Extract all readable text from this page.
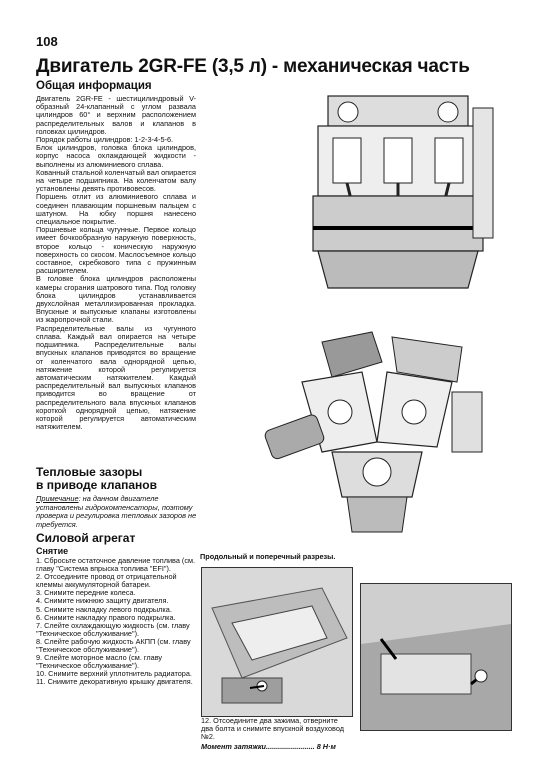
108
Двигатель 2GR-FE (3,5 л) - механическая часть
Общая информация

Двигатель 2GR-FE - шестицилиндровый V-образный 24-клапанный с углом развала цилиндров 60° и верхним расположением распределительных валов и клапанов в головках цилиндров.

Порядок работы цилиндров: 1-2-3-4-5-6.

Блок цилиндров, головка блока цилиндров, корпус насоса охлаждающей жидкости - выполнены из алюминиевого сплава.

Кованный стальной коленчатый вал опирается на четыре подшипника. На коленчатом валу установлены девять противовесов.

Поршень отлит из алюминиевого сплава и соединен плавающим поршневым пальцем с шатуном. На юбку поршня нанесено специальное покрытие.

Поршневые кольца чугунные. Первое кольцо имеет бочкообразную наружную поверхность, второе кольцо - коническую наружную поверхность со скосом. Маслосъемное кольцо составное, скребкового типа с пружинным расширителем.

В головке блока цилиндров расположены камеры сгорания шатрового типа. Под головку блока цилиндров устанавливается двухслойная металлизированная прокладка. Впускные и выпускные клапаны изготовлены из жаропрочной стали.

Распределительные валы из чугунного сплава. Каждый вал опирается на четыре подшипника. Распределительные валы впускных клапанов приводятся во вращение от коленчатого вала однорядной цепью, натяжение которой регулируется автоматическим натяжителем. Каждый распределительный вал выпускных клапанов приводится во вращение от распределительного вала впускных клапанов короткой однорядной цепью, натяжение которой регулируется автоматическим натяжителем.

Тепловые зазоры
в приводе клапанов

Примечание: на данном двигателе установлены гидрокомпенсаторы, поэтому проверка и регулировка тепловых зазоров не требуется.

Силовой агрегат
Снятие
1. Сбросьте остаточное давление топлива (см. главу "Система впрыска топлива "EFI").
2. Отсоедините провод от отрицательной клеммы аккумуляторной батареи.
3. Снимите передние колеса.
4. Снимите нижнюю защиту двигателя.
5. Снимите накладку левого подкрылка.
6. Снимите накладку правого подкрылка.
7. Слейте охлаждающую жидкость (см. главу "Техническое обслуживание").
8. Слейте рабочую жидкость АКПП (см. главу "Техническое обслуживание").
9. Слейте моторное масло (см. главу "Техническое обслуживание").
10. Снимите верхний уплотнитель радиатора.
11. Снимите декоративную крышку двигателя.
Продольный и поперечный разрезы.
12. Отсоедините два зажима, отверните два болта и снимите впускной воздуховод №2.
Момент затяжки........................ 8 Н·м
